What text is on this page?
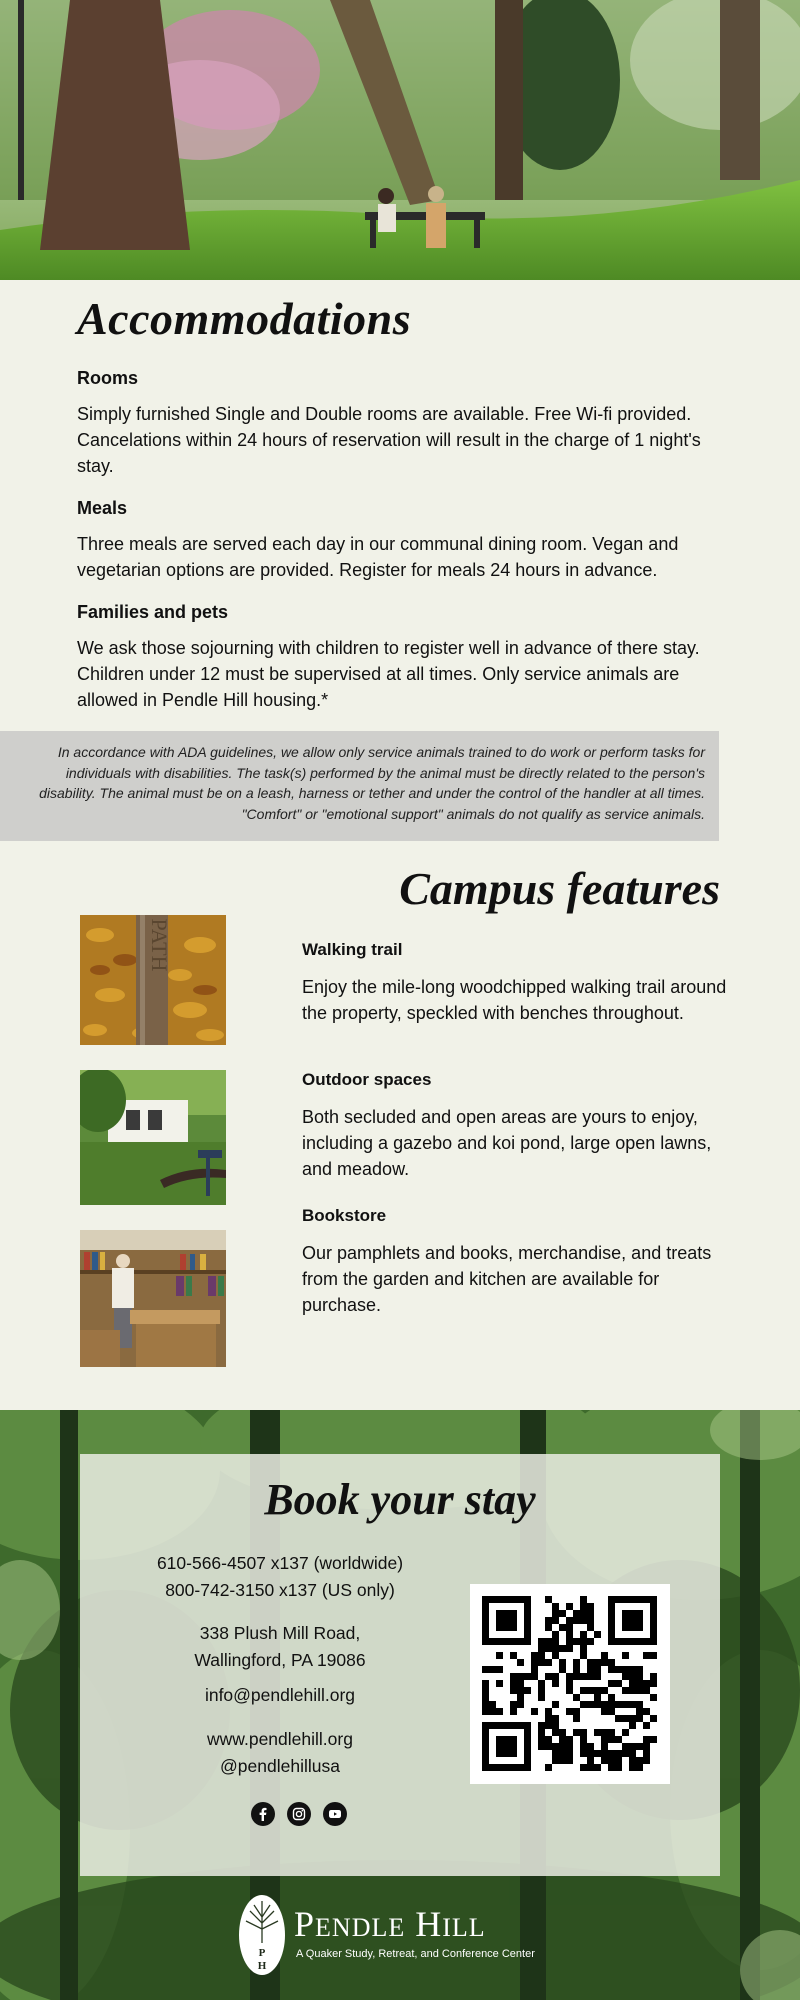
Accommodations
Rooms

Simply furnished Single and Double rooms are available. Free Wi-fi provided. Cancelations within 24 hours of reservation will result in the charge of 1 night's stay.

Meals

Three meals are served each day in our communal dining room. Vegan and vegetarian options are provided. Register for meals 24 hours in advance.

Families and pets

We ask those sojourning with children to register well in advance of there stay. Children under 12 must be supervised at all times. Only service animals are allowed in Pendle Hill housing.*

In accordance with ADA guidelines, we allow only service animals trained to do work or perform tasks for individuals with disabilities. The task(s) performed by the animal must be directly related to the person's disability. The animal must be on a leash, harness or tether and under the control of the handler at all times. "Comfort" or "emotional support" animals do not qualify as service animals.
Campus features
PATH	Walking trail

Enjoy the mile-long woodchipped walking trail around the property, speckled with benches throughout.

Outdoor spaces

Both secluded and open areas are yours to enjoy, including a gazebo and koi pond, large open lawns, and meadow.

Bookstore

Our pamphlets and books, merchandise, and treats from the garden and kitchen are available for purchase.

Book your stay
610-566-4507 x137 (worldwide)
800-742-3150 x137 (US only)
338 Plush Mill Road,
Wallingford, PA 19086
info@pendlehill.org
www.pendlehill.org
@pendlehillusa
P
H
PENDLE HILL
A Quaker Study, Retreat, and Conference Center
